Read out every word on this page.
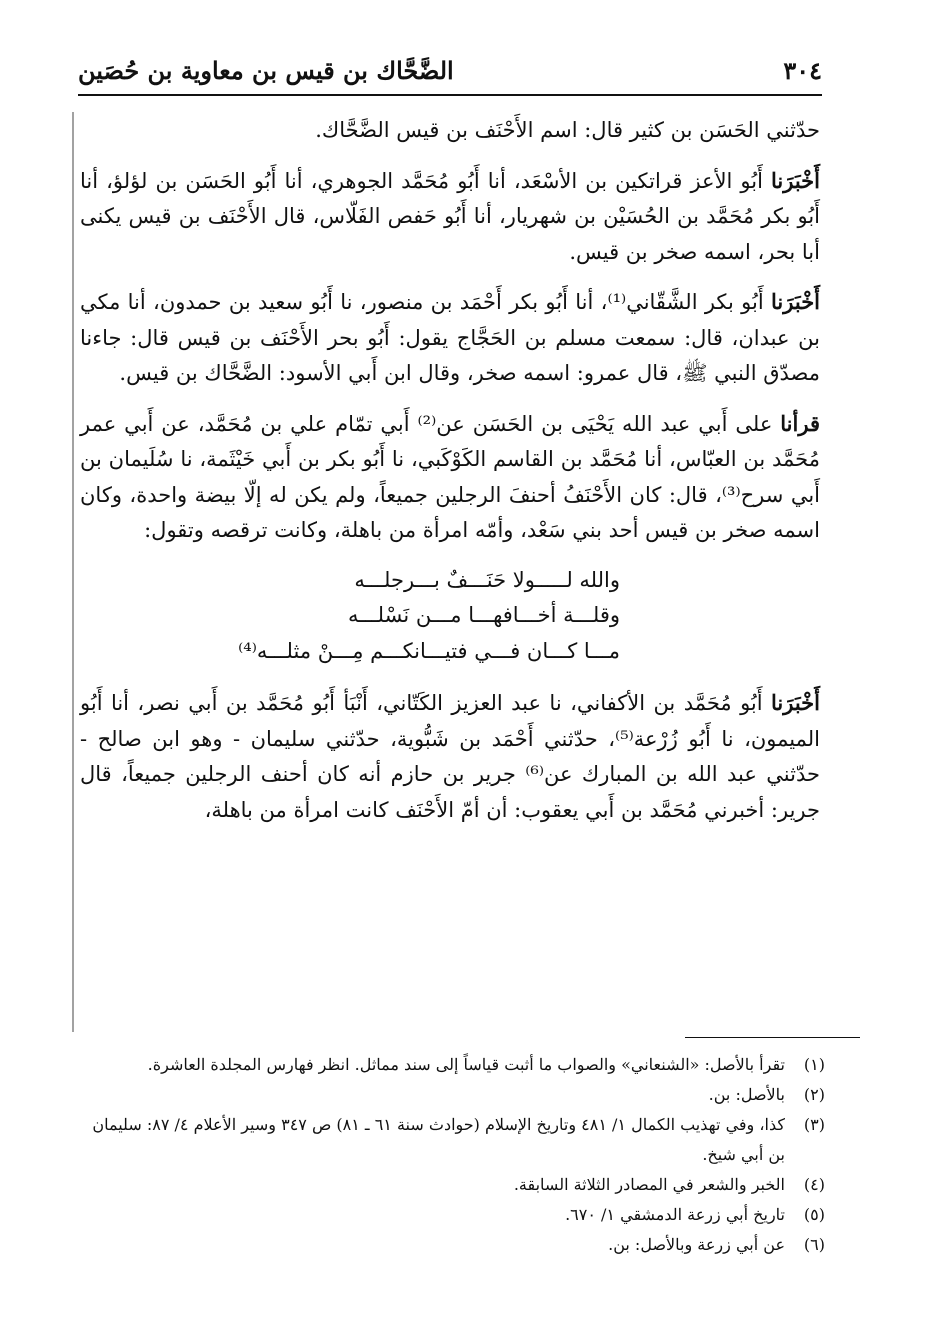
٣٠٤
الضَّحَّاك بن قيس بن معاوية بن حُصَين

حدّثني الحَسَن بن كثير قال: اسم الأَحْنَف بن قيس الضَّحَّاك.

أَخْبَرَنا أَبُو الأعز قراتكين بن الأسْعَد، أنا أَبُو مُحَمَّد الجوهري، أنا أَبُو الحَسَن بن لؤلؤ، أنا أَبُو بكر مُحَمَّد بن الحُسَيْن بن شهريار، أنا أَبُو حَفص الفَلّاس، قال الأَحْنَف بن قيس يكنى أبا بحر، اسمه صخر بن قيس.

أَخْبَرَنا أَبُو بكر الشَّقّاني⁽¹⁾، أنا أَبُو بكر أَحْمَد بن منصور، نا أَبُو سعيد بن حمدون، أنا مكي بن عبدان، قال: سمعت مسلم بن الحَجَّاج يقول: أَبُو بحر الأَحْنَف بن قيس قال: جاءنا مصدّق النبي ﷺ، قال عمرو: اسمه صخر، وقال ابن أَبي الأسود: الضَّحَّاك بن قيس.

قرأنا على أَبي عبد الله يَحْيَى بن الحَسَن عن⁽²⁾ أَبي تمّام علي بن مُحَمَّد، عن أَبي عمر مُحَمَّد بن العبّاس، أنا مُحَمَّد بن القاسم الكَوْكَبي، نا أَبُو بكر بن أَبي خَيْثَمة، نا سُلَيمان بن أَبي سرح⁽³⁾، قال: كان الأَحْنَفُ أحنفَ الرجلين جميعاً، ولم يكن له إلّا بيضة واحدة، وكان اسمه صخر بن قيس أحد بني سَعْد، وأمّه امرأة من باهلة، وكانت ترقصه وتقول:

والله لـــــولا حَنَـــفٌ بـــرجلـــه
وقلـــة أخـــافهـــا مـــن نَسْلـــه
مـــا كـــان فـــي فتيـــانكـــم مِـــنْ مثلـــه⁽⁴⁾

أَخْبَرَنا أَبُو مُحَمَّد بن الأكفاني، نا عبد العزيز الكَتّاني، أَنْبَأ أَبُو مُحَمَّد بن أَبي نصر، أنا أَبُو الميمون، نا أَبُو زُرْعة⁽⁵⁾، حدّثني أَحْمَد بن شَبُّوية، حدّثني سليمان - وهو ابن صالح - حدّثني عبد الله بن المبارك عن⁽⁶⁾ جرير بن حازم أنه كان أحنف الرجلين جميعاً، قال جرير: أخبرني مُحَمَّد بن أَبي يعقوب: أن أمّ الأَحْنَف كانت امرأة من باهلة،

(١)
تقرأ بالأصل: «الشنعاني» والصواب ما أثبت قياساً إلى سند مماثل. انظر فهارس المجلدة العاشرة.
(٢)
بالأصل: بن.
(٣)
كذا، وفي تهذيب الكمال ١/ ٤٨١ وتاريخ الإسلام (حوادث سنة ٦١ ـ ٨١) ص ٣٤٧ وسير الأعلام ٤/ ٨٧: سليمان بن أبي شيخ.
(٤)
الخبر والشعر في المصادر الثلاثة السابقة.
(٥)
تاريخ أبي زرعة الدمشقي ١/ ٦٧٠.
(٦)
عن أبي زرعة وبالأصل: بن.
